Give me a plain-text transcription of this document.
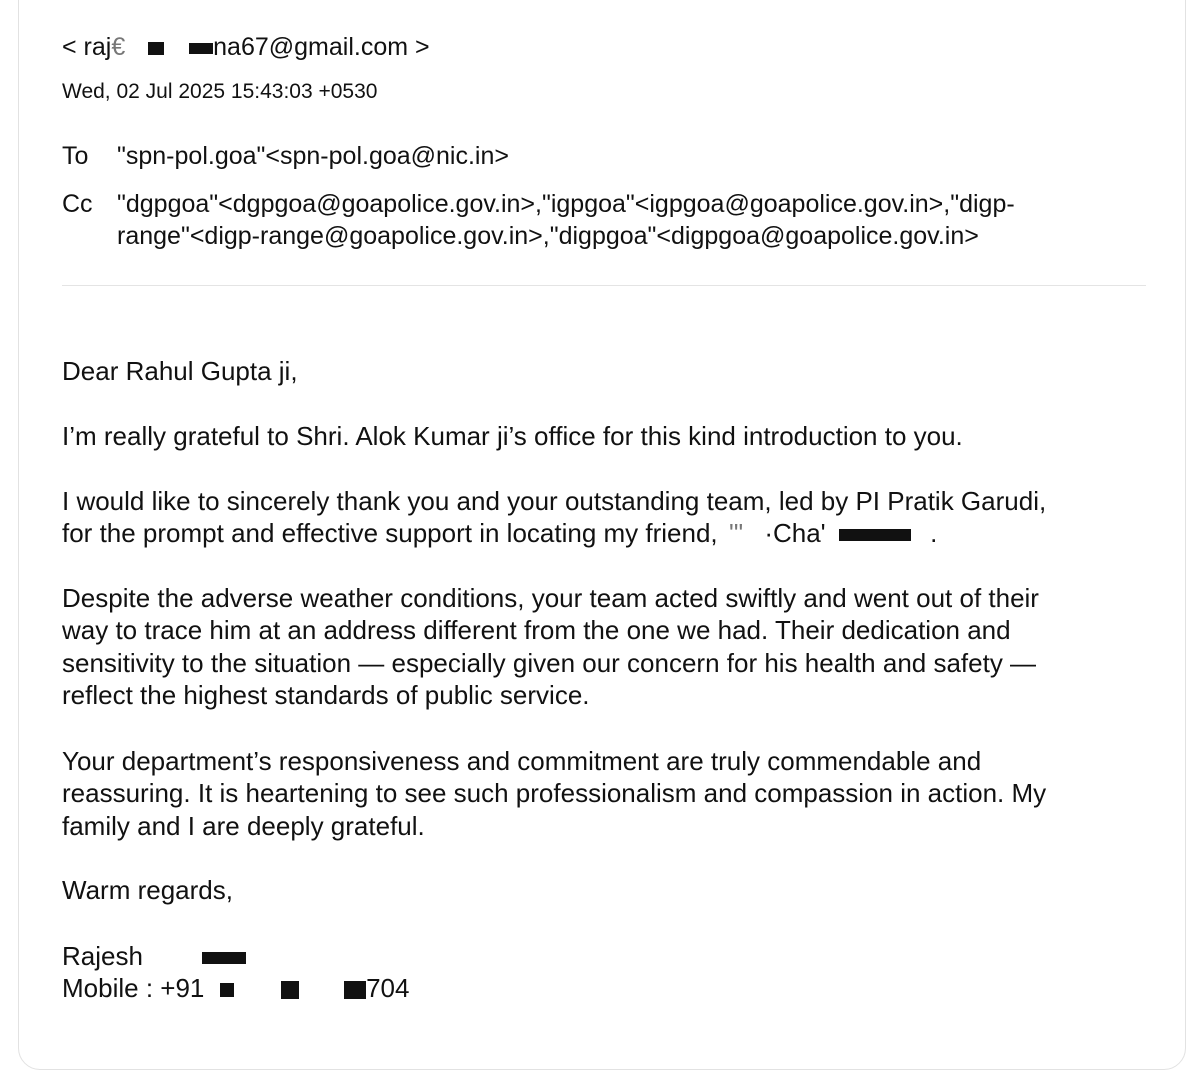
< raj€	na67@gmail.com >
Wed, 02 Jul 2025 15:43:03 +0530
To "spn-pol.goa"<spn-pol.goa@nic.in>
Cc "dgpgoa"<dgpgoa@goapolice.gov.in>,"igpgoa"<igpgoa@goapolice.gov.in>,"digp-
range"<digp-range@goapolice.gov.in>,"digpgoa"<digpgoa@goapolice.gov.in>
Dear Rahul Gupta ji,
I’m really grateful to Shri. Alok Kumar ji’s office for this kind introduction to you.
I would like to sincerely thank you and your outstanding team, led by PI Pratik Garudi,
for the prompt and effective support in locating my friend, '" ·Cha'	.
Despite the adverse weather conditions, your team acted swiftly and went out of their
way to trace him at an address different from the one we had. Their dedication and
sensitivity to the situation — especially given our concern for his health and safety —
reflect the highest standards of public service.
Your department’s responsiveness and commitment are truly commendable and
reassuring. It is heartening to see such professionalism and compassion in action. My
family and I are deeply grateful.
Warm regards,
Rajesh
Mobile : +91	704
